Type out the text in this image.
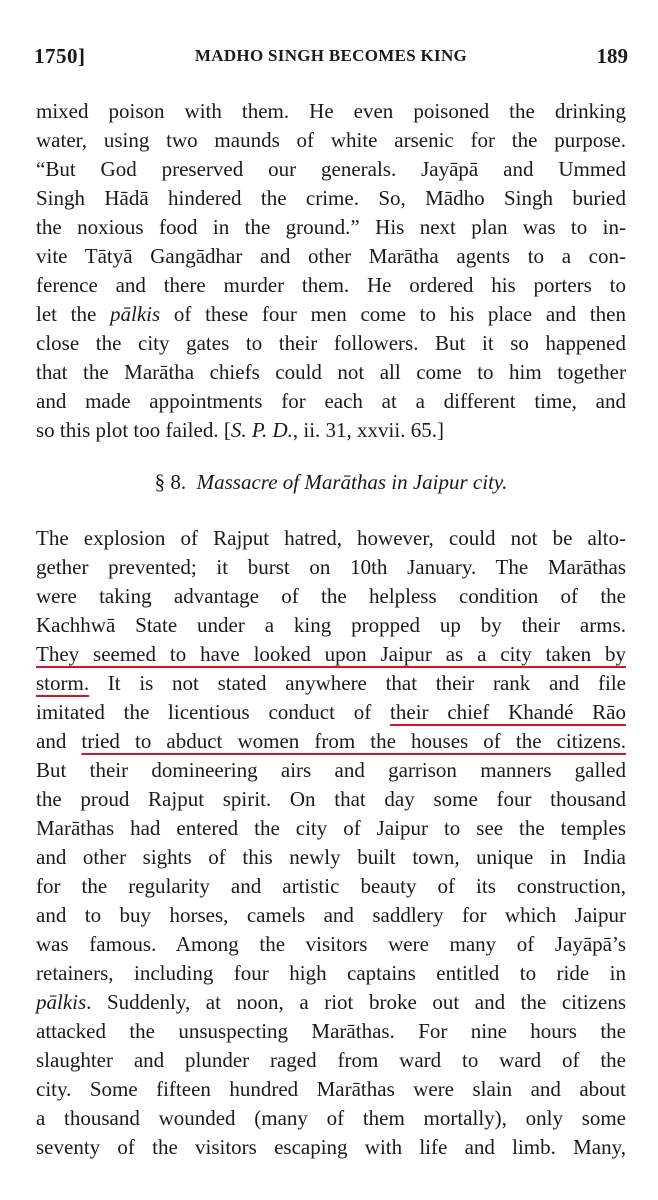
1750]	MADHO SINGH BECOMES KING	189
mixed poison with them. He even poisoned the drinking
water, using two maunds of white arsenic for the purpose.
“But God preserved our generals. Jayāpā and Ummed
Singh Hādā hindered the crime. So, Mādho Singh buried
the noxious food in the ground.” His next plan was to in-
vite Tātyā Gangādhar and other Marātha agents to a con-
ference and there murder them. He ordered his porters to
let the pālkis of these four men come to his place and then
close the city gates to their followers. But it so happened
that the Marātha chiefs could not all come to him together
and made appointments for each at a different time, and
so this plot too failed. [S. P. D., ii. 31, xxvii. 65.]
§ 8. Massacre of Marāthas in Jaipur city.
The explosion of Rajput hatred, however, could not be alto-
gether prevented; it burst on 10th January. The Marāthas
were taking advantage of the helpless condition of the
Kachhwā State under a king propped up by their arms.
They seemed to have looked upon Jaipur as a city taken by
storm. It is not stated anywhere that their rank and file
imitated the licentious conduct of their chief Khandé Rāo
and tried to abduct women from the houses of the citizens.
But their domineering airs and garrison manners galled
the proud Rajput spirit. On that day some four thousand
Marāthas had entered the city of Jaipur to see the temples
and other sights of this newly built town, unique in India
for the regularity and artistic beauty of its construction,
and to buy horses, camels and saddlery for which Jaipur
was famous. Among the visitors were many of Jayāpā’s
retainers, including four high captains entitled to ride in
pālkis. Suddenly, at noon, a riot broke out and the citizens
attacked the unsuspecting Marāthas. For nine hours the
slaughter and plunder raged from ward to ward of the
city. Some fifteen hundred Marāthas were slain and about
a thousand wounded (many of them mortally), only some
seventy of the visitors escaping with life and limb. Many,
